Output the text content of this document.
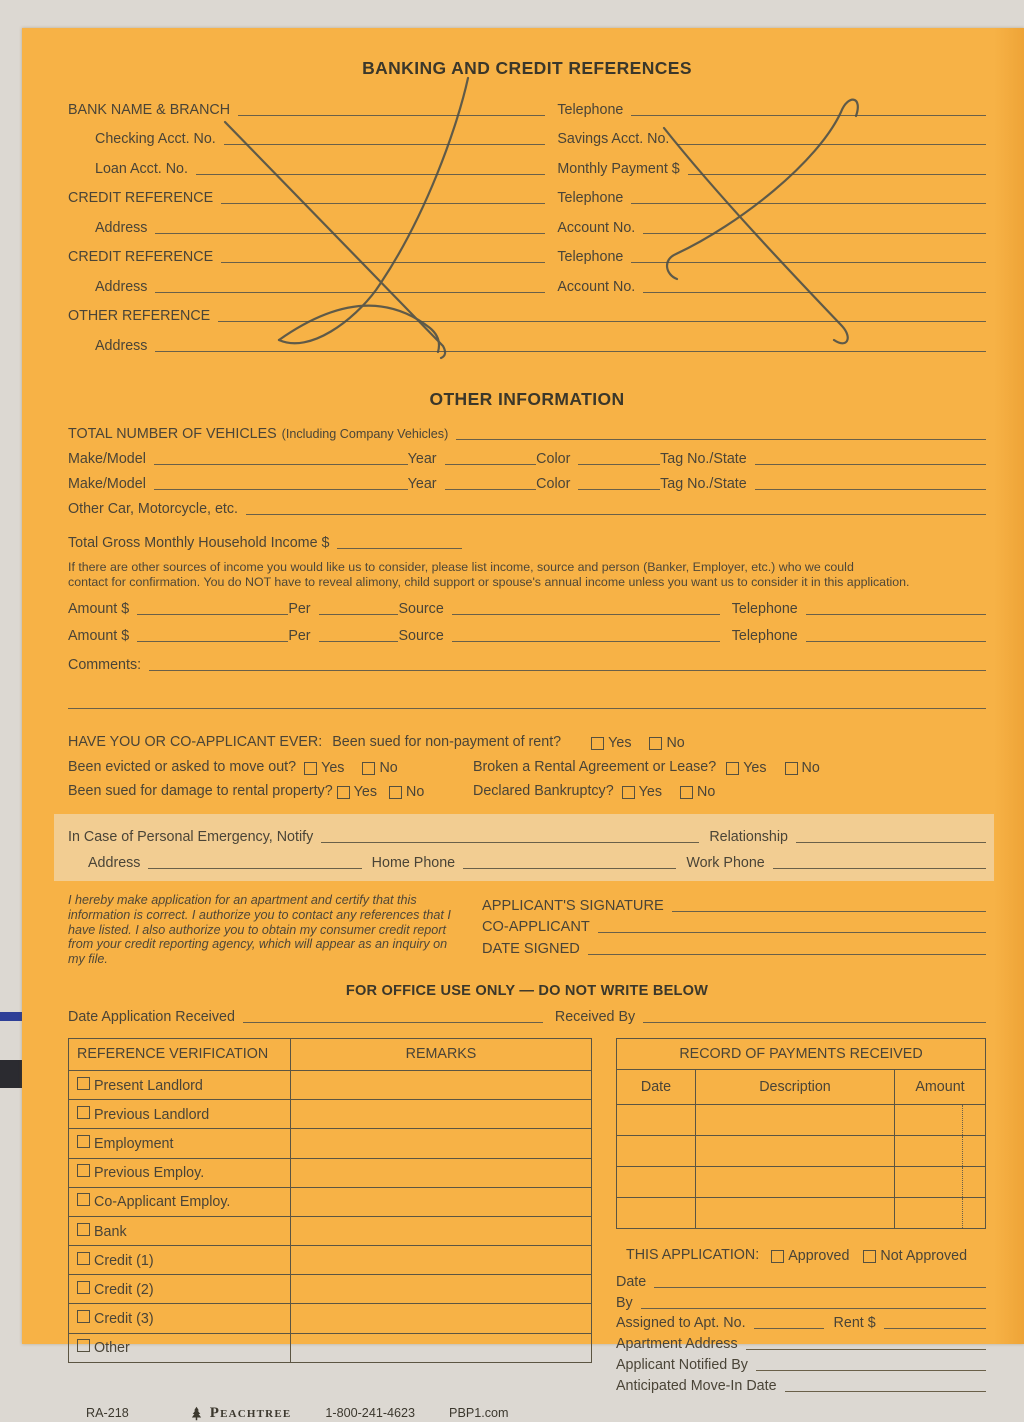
BANKING AND CREDIT REFERENCES
BANK NAME & BRANCH	Telephone
Checking Acct. No.	Savings Acct. No.
Loan Acct. No.	Monthly Payment $
CREDIT REFERENCE	Telephone
Address	Account No.
CREDIT REFERENCE	Telephone
Address	Account No.
OTHER REFERENCE
Address
OTHER INFORMATION
TOTAL NUMBER OF VEHICLES (Including Company Vehicles)
Make/Model	Year	Color	Tag No./State
Make/Model	Year	Color	Tag No./State
Other Car, Motorcycle, etc.
Total Gross Monthly Household Income $
If there are other sources of income you would like us to consider, please list income, source and person (Banker, Employer, etc.) who we could
contact for confirmation. You do NOT have to reveal alimony, child support or spouse's annual income unless you want us to consider it in this application.
Amount $	Per	Source	Telephone
Amount $	Per	Source	Telephone
Comments:
HAVE YOU OR CO-APPLICANT EVER: Been sued for non-payment of rent?	Yes No
Been evicted or asked to move out? Yes No	Broken a Rental Agreement or Lease? Yes No
Been sued for damage to rental property? Yes No	Declared Bankruptcy? Yes No
In Case of Personal Emergency, Notify	Relationship
Address	Home Phone	Work Phone
I hereby make application for an apartment and certify that this information is correct. I authorize you to contact any references that I have listed. I also authorize you to obtain my consumer credit report from your credit reporting agency, which will appear as an inquiry on my file.
APPLICANT'S SIGNATURE
CO-APPLICANT
DATE SIGNED
FOR OFFICE USE ONLY — DO NOT WRITE BELOW
Date Application Received	Received By
REFERENCE VERIFICATION	REMARKS
Present Landlord	
Previous Landlord	
Employment	
Previous Employ.	
Co-Applicant Employ.	
Bank	
Credit (1)	
Credit (2)	
Credit (3)	
Other	
RECORD OF PAYMENTS RECEIVED		
Date	Description	Amount

THIS APPLICATION: Approved Not Approved
Date
By
Assigned to Apt. No.	Rent $
Apartment Address
Applicant Notified By
Anticipated Move-In Date
RA-218	Peachtree	1-800-241-4623	PBP1.com
